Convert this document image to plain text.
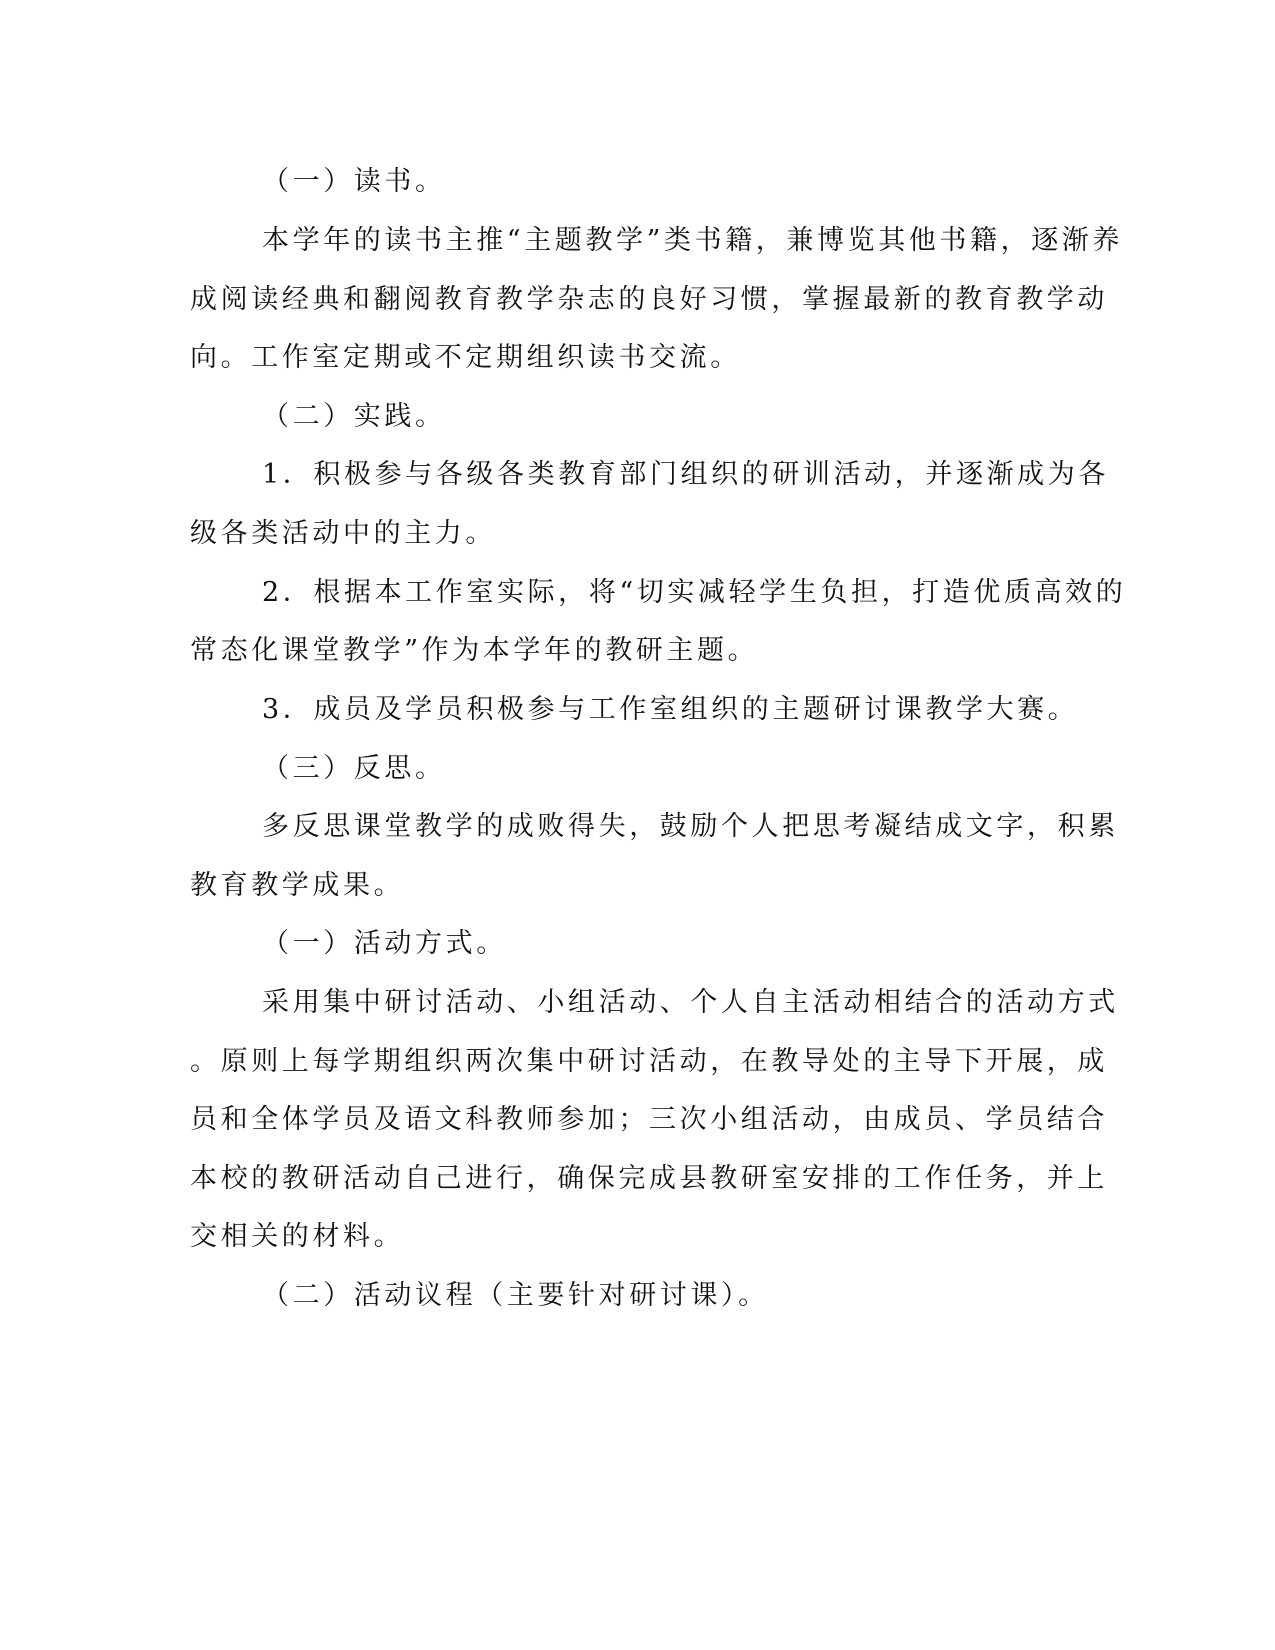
（一）读书。
本学年的读书主推“主题教学”类书籍，兼博览其他书籍，逐渐养
成阅读经典和翻阅教育教学杂志的良好习惯，掌握最新的教育教学动
向。工作室定期或不定期组织读书交流。
（二）实践。
1．积极参与各级各类教育部门组织的研训活动，并逐渐成为各
级各类活动中的主力。
2．根据本工作室实际，将“切实减轻学生负担，打造优质高效的
常态化课堂教学”作为本学年的教研主题。
3．成员及学员积极参与工作室组织的主题研讨课教学大赛。
（三）反思。
多反思课堂教学的成败得失，鼓励个人把思考凝结成文字，积累
教育教学成果。
（一）活动方式。
采用集中研讨活动、小组活动、个人自主活动相结合的活动方式
。原则上每学期组织两次集中研讨活动，在教导处的主导下开展，成
员和全体学员及语文科教师参加；三次小组活动，由成员、学员结合
本校的教研活动自己进行，确保完成县教研室安排的工作任务，并上
交相关的材料。
（二）活动议程（主要针对研讨课）。
